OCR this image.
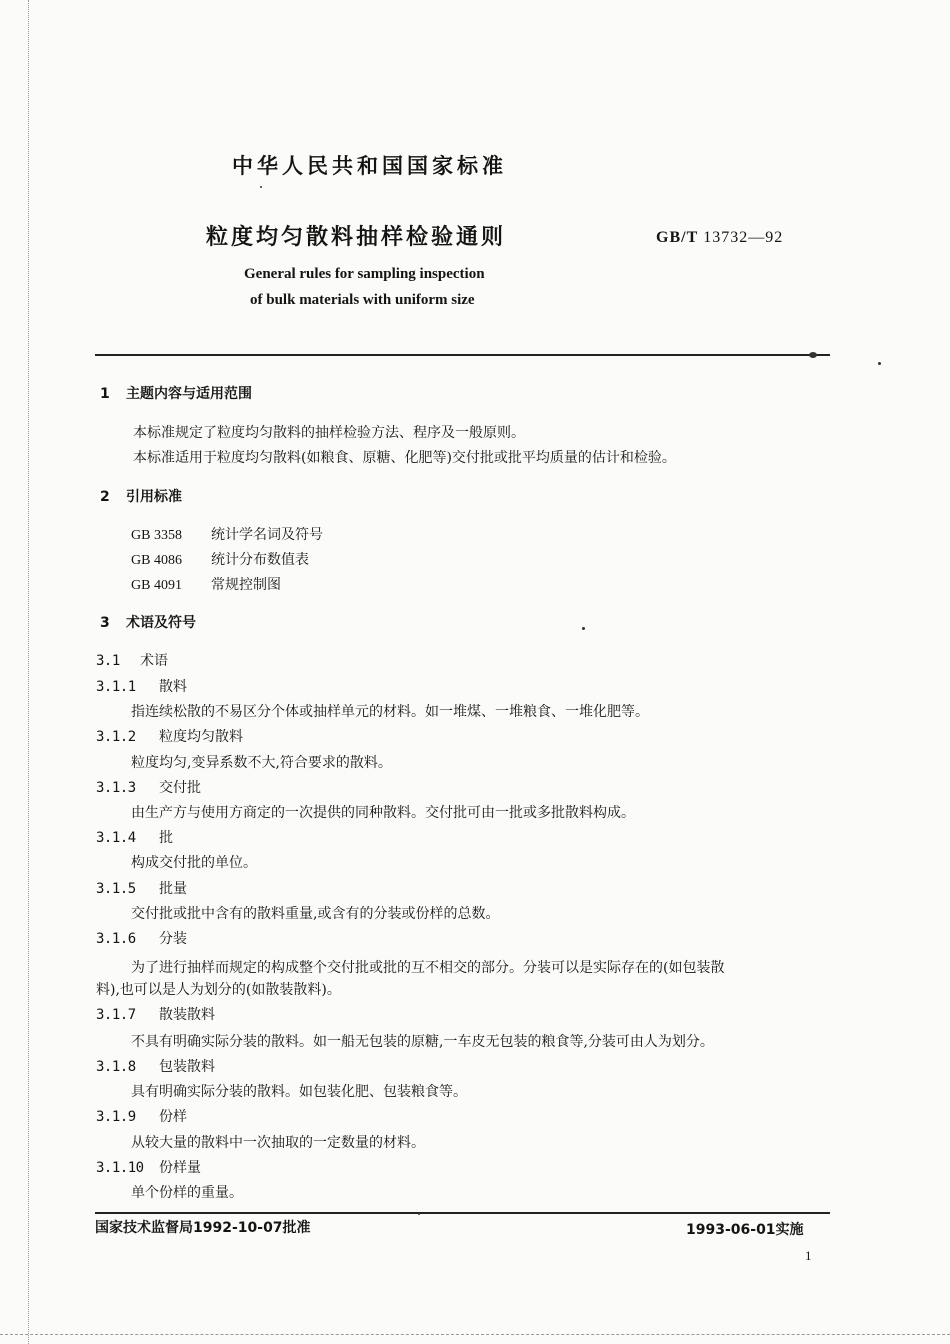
中华人民共和国国家标准
粒度均匀散料抽样检验通则	GB/T 13732—92
General rules for sampling inspection
of bulk materials with uniform size
1 主题内容与适用范围
本标准规定了粒度均匀散料的抽样检验方法、程序及一般原则。
本标准适用于粒度均匀散料(如粮食、原糖、化肥等)交付批或批平均质量的估计和检验。
2 引用标准
GB 3358 统计学名词及符号
GB 4086 统计分布数值表
GB 4091 常规控制图
3 术语及符号
3.1 术语
3.1.1 散料
指连续松散的不易区分个体或抽样单元的材料。如一堆煤、一堆粮食、一堆化肥等。
3.1.2 粒度均匀散料
粒度均匀,变异系数不大,符合要求的散料。
3.1.3 交付批
由生产方与使用方商定的一次提供的同种散料。交付批可由一批或多批散料构成。
3.1.4 批
构成交付批的单位。
3.1.5 批量
交付批或批中含有的散料重量,或含有的分装或份样的总数。
3.1.6 分装
为了进行抽样而规定的构成整个交付批或批的互不相交的部分。分装可以是实际存在的(如包装散
料),也可以是人为划分的(如散装散料)。
3.1.7 散装散料
不具有明确实际分装的散料。如一船无包装的原糖,一车皮无包装的粮食等,分装可由人为划分。
3.1.8 包装散料
具有明确实际分装的散料。如包装化肥、包装粮食等。
3.1.9 份样
从较大量的散料中一次抽取的一定数量的材料。
3.1.10 份样量
单个份样的重量。
国家技术监督局1992-10-07批准	1993-06-01实施
1
